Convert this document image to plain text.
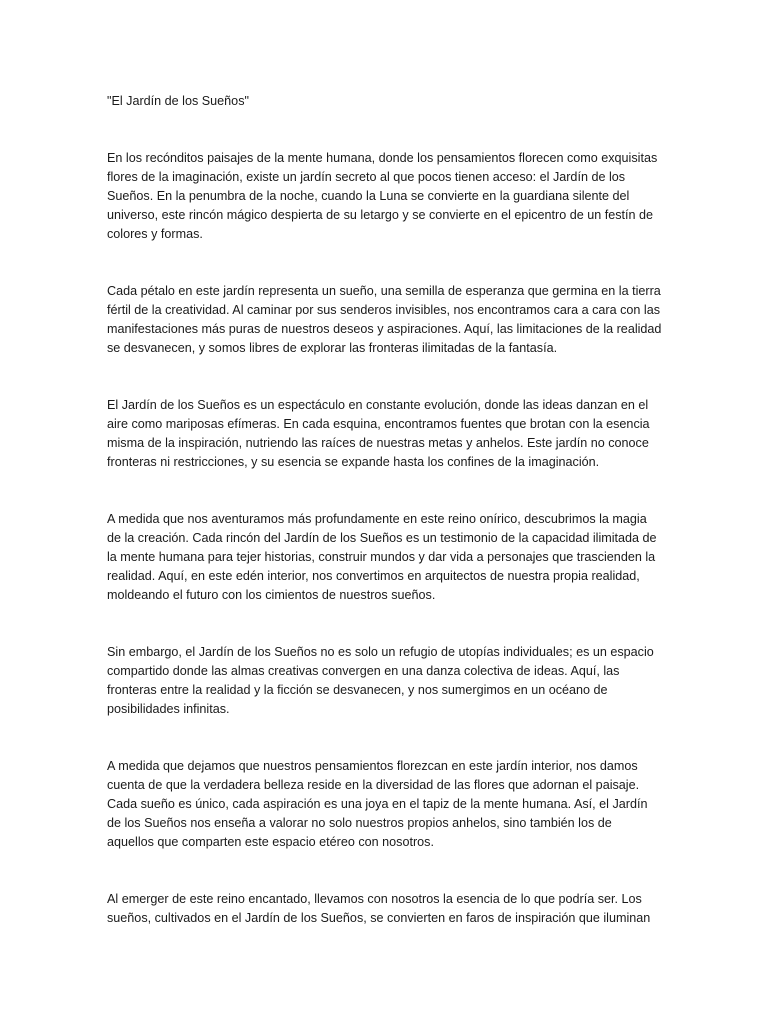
"El Jardín de los Sueños"

En los recónditos paisajes de la mente humana, donde los pensamientos florecen como exquisitas flores de la imaginación, existe un jardín secreto al que pocos tienen acceso: el Jardín de los Sueños. En la penumbra de la noche, cuando la Luna se convierte en la guardiana silente del universo, este rincón mágico despierta de su letargo y se convierte en el epicentro de un festín de colores y formas.

Cada pétalo en este jardín representa un sueño, una semilla de esperanza que germina en la tierra fértil de la creatividad. Al caminar por sus senderos invisibles, nos encontramos cara a cara con las manifestaciones más puras de nuestros deseos y aspiraciones. Aquí, las limitaciones de la realidad se desvanecen, y somos libres de explorar las fronteras ilimitadas de la fantasía.

El Jardín de los Sueños es un espectáculo en constante evolución, donde las ideas danzan en el aire como mariposas efímeras. En cada esquina, encontramos fuentes que brotan con la esencia misma de la inspiración, nutriendo las raíces de nuestras metas y anhelos. Este jardín no conoce fronteras ni restricciones, y su esencia se expande hasta los confines de la imaginación.

A medida que nos aventuramos más profundamente en este reino onírico, descubrimos la magia de la creación. Cada rincón del Jardín de los Sueños es un testimonio de la capacidad ilimitada de la mente humana para tejer historias, construir mundos y dar vida a personajes que trascienden la realidad. Aquí, en este edén interior, nos convertimos en arquitectos de nuestra propia realidad, moldeando el futuro con los cimientos de nuestros sueños.

Sin embargo, el Jardín de los Sueños no es solo un refugio de utopías individuales; es un espacio compartido donde las almas creativas convergen en una danza colectiva de ideas. Aquí, las fronteras entre la realidad y la ficción se desvanecen, y nos sumergimos en un océano de posibilidades infinitas.

A medida que dejamos que nuestros pensamientos florezcan en este jardín interior, nos damos cuenta de que la verdadera belleza reside en la diversidad de las flores que adornan el paisaje. Cada sueño es único, cada aspiración es una joya en el tapiz de la mente humana. Así, el Jardín de los Sueños nos enseña a valorar no solo nuestros propios anhelos, sino también los de aquellos que comparten este espacio etéreo con nosotros.

Al emerger de este reino encantado, llevamos con nosotros la esencia de lo que podría ser. Los sueños, cultivados en el Jardín de los Sueños, se convierten en faros de inspiración que iluminan
